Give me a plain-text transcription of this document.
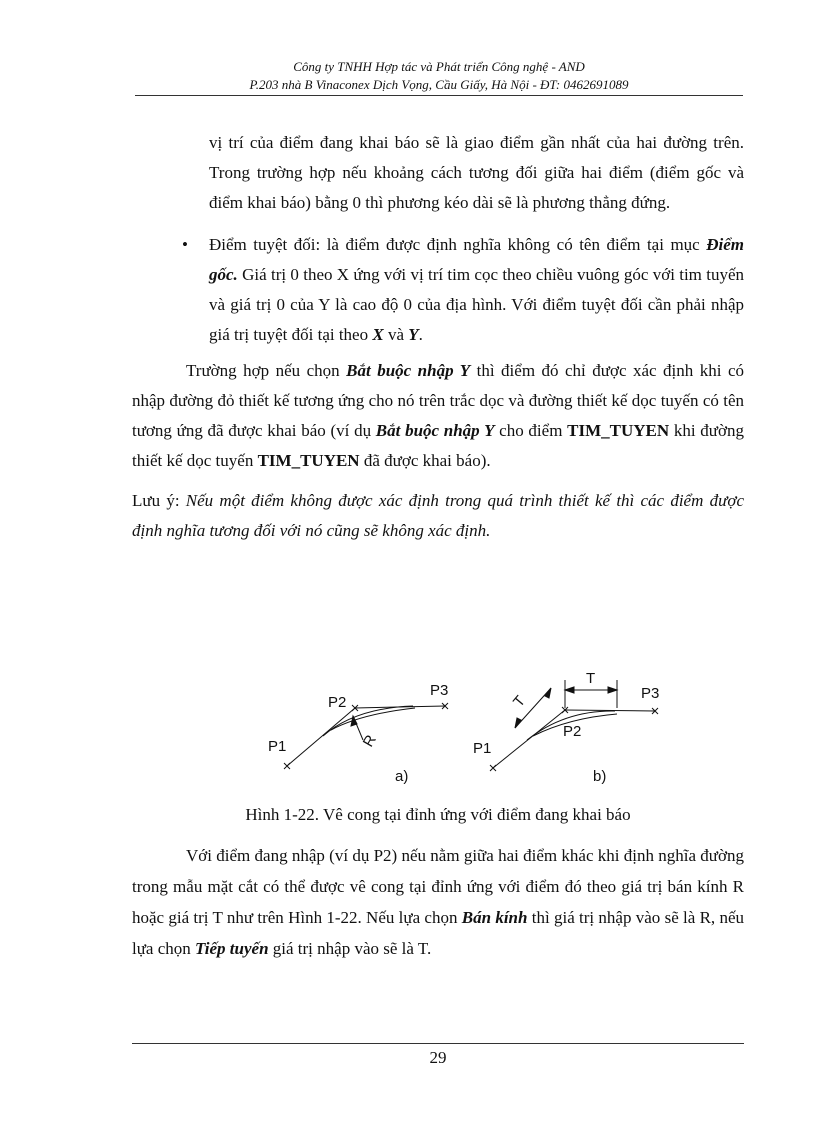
Công ty TNHH Hợp tác và Phát triển Công nghệ - AND
P.203 nhà B Vinaconex Dịch Vọng, Cầu Giấy, Hà Nội - ĐT: 0462691089

vị trí của điểm đang khai báo sẽ là giao điểm gần nhất của hai đường trên. Trong trường hợp nếu khoảng cách tương đối giữa hai điểm (điểm gốc và điểm khai báo) bằng 0 thì phương kéo dài sẽ là phương thẳng đứng.

• Điểm tuyệt đối: là điểm được định nghĩa không có tên điểm tại mục Điểm gốc. Giá trị 0 theo X ứng với vị trí tim cọc theo chiều vuông góc với tim tuyến và giá trị 0 của Y là cao độ 0 của địa hình. Với điểm tuyệt đối cần phải nhập giá trị tuyệt đối tại theo X và Y.

Trường hợp nếu chọn Bắt buộc nhập Y thì điểm đó chỉ được xác định khi có nhập đường đỏ thiết kế tương ứng cho nó trên trắc dọc và đường thiết kế dọc tuyến có tên tương ứng đã được khai báo (ví dụ Bắt buộc nhập Y cho điểm TIM_TUYEN khi đường thiết kế dọc tuyến TIM_TUYEN đã được khai báo).

Lưu ý: Nếu một điểm không được xác định trong quá trình thiết kế thì các điểm được định nghĩa tương đối với nó cũng sẽ không xác định.

P1
P2
P3
R
a)
T
T
P1
P2
P3
b)
Hình 1-22. Vê cong tại đỉnh ứng với điểm đang khai báo

Với điểm đang nhập (ví dụ P2) nếu nằm giữa hai điểm khác khi định nghĩa đường trong mẫu mặt cắt có thể được vê cong tại đỉnh ứng với điểm đó theo giá trị bán kính R hoặc giá trị T như trên Hình 1-22. Nếu lựa chọn Bán kính thì giá trị nhập vào sẽ là R, nếu lựa chọn Tiếp tuyến giá trị nhập vào sẽ là T.

29
